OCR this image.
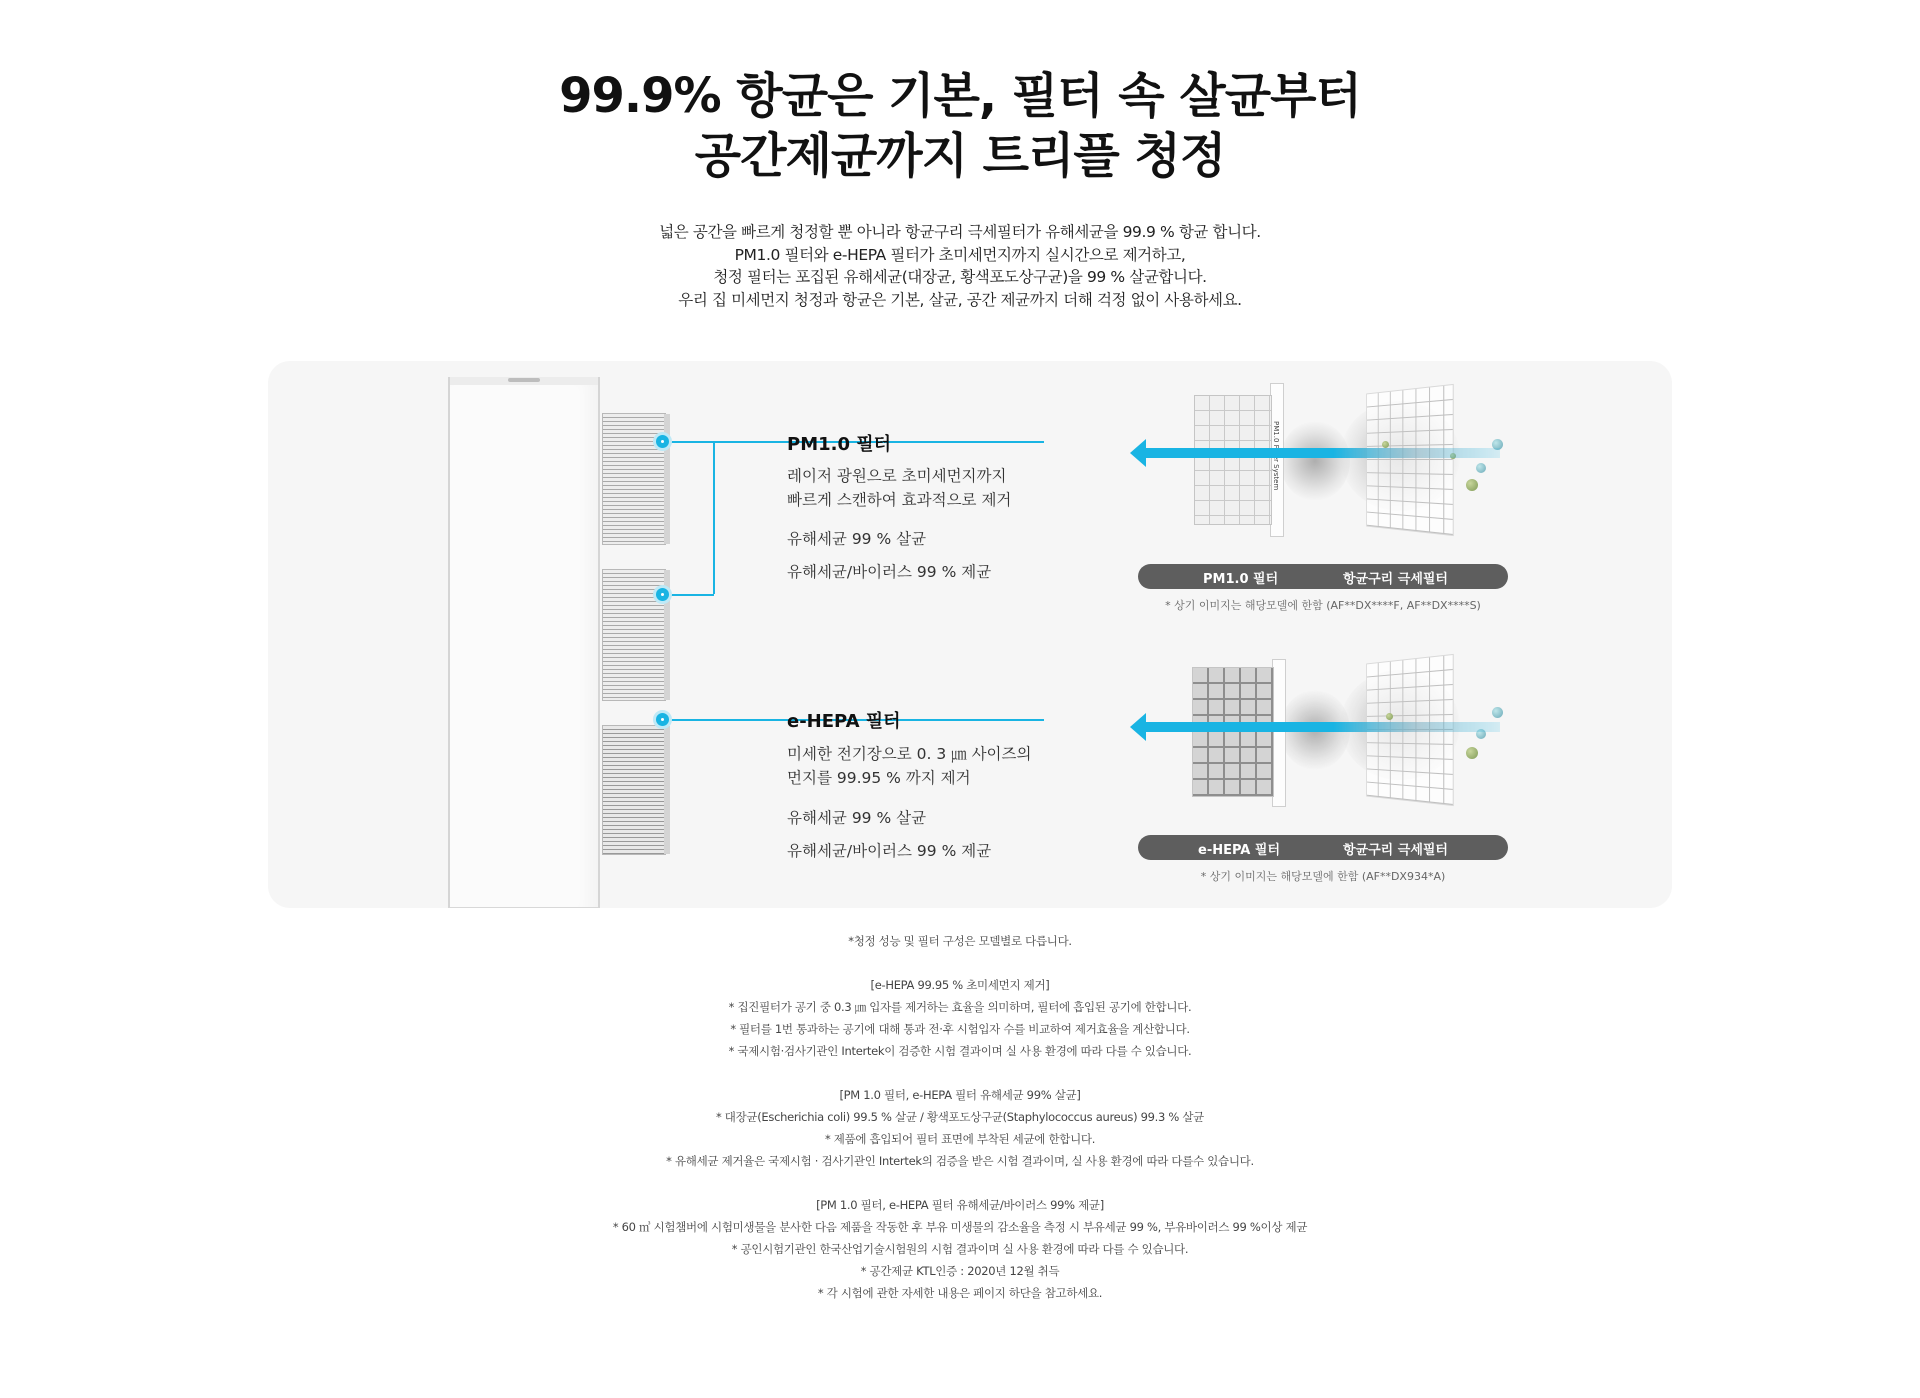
99.9% 항균은 기본, 필터 속 살균부터
공간제균까지 트리플 청정
넓은 공간을 빠르게 청정할 뿐 아니라 항균구리 극세필터가 유해세균을 99.9 % 항균 합니다.
PM1.0 필터와 e-HEPA 필터가 초미세먼지까지 실시간으로 제거하고,
청정 필터는 포집된 유해세균(대장균, 황색포도상구균)을 99 % 살균합니다.
우리 집 미세먼지 청정과 항균은 기본, 살균, 공간 제균까지 더해 걱정 없이 사용하세요.
PM1.0 필터
레이저 광원으로 초미세먼지까지
빠르게 스캔하여 효과적으로 제거
유해세균 99 % 살균
유해세균/바이러스 99 % 제균
e-HEPA 필터
미세한 전기장으로 0. 3 ㎛ 사이즈의
먼지를 99.95 % 까지 제거
유해세균 99 % 살균
유해세균/바이러스 99 % 제균
PM1.0 필터	항균구리 극세필터
* 상기 이미지는 해당모델에 한함 (AF**DX****F, AF**DX****S)
e-HEPA 필터	항균구리 극세필터
* 상기 이미지는 해당모델에 한함 (AF**DX934*A)
*청정 성능 및 필터 구성은 모델별로 다릅니다.
[e-HEPA 99.95 % 초미세먼지 제거]
* 집진필터가 공기 중 0.3 ㎛ 입자를 제거하는 효율을 의미하며, 필터에 흡입된 공기에 한합니다.
* 필터를 1번 통과하는 공기에 대해 통과 전·후 시험입자 수를 비교하여 제거효율을 계산합니다.
* 국제시험·검사기관인 Intertek이 검증한 시험 결과이며 실 사용 환경에 따라 다를 수 있습니다.
[PM 1.0 필터, e-HEPA 필터 유해세균 99% 살균]
* 대장균(Escherichia coli) 99.5 % 살균 / 황색포도상구균(Staphylococcus aureus) 99.3 % 살균
* 제품에 흡입되어 필터 표면에 부착된 세균에 한합니다.
* 유해세균 제거율은 국제시험 · 검사기관인 Intertek의 검증을 받은 시험 결과이며, 실 사용 환경에 따라 다를수 있습니다.
[PM 1.0 필터, e-HEPA 필터 유해세균/바이러스 99% 제균]
* 60 ㎥ 시험챔버에 시험미생물을 분사한 다음 제품을 작동한 후 부유 미생물의 감소율을 측정 시 부유세균 99 %, 부유바이러스 99 %이상 제균
* 공인시험기관인 한국산업기술시험원의 시험 결과이며 실 사용 환경에 따라 다를 수 있습니다.
* 공간제균 KTL인증 : 2020년 12월 취득
* 각 시험에 관한 자세한 내용은 페이지 하단을 참고하세요.
